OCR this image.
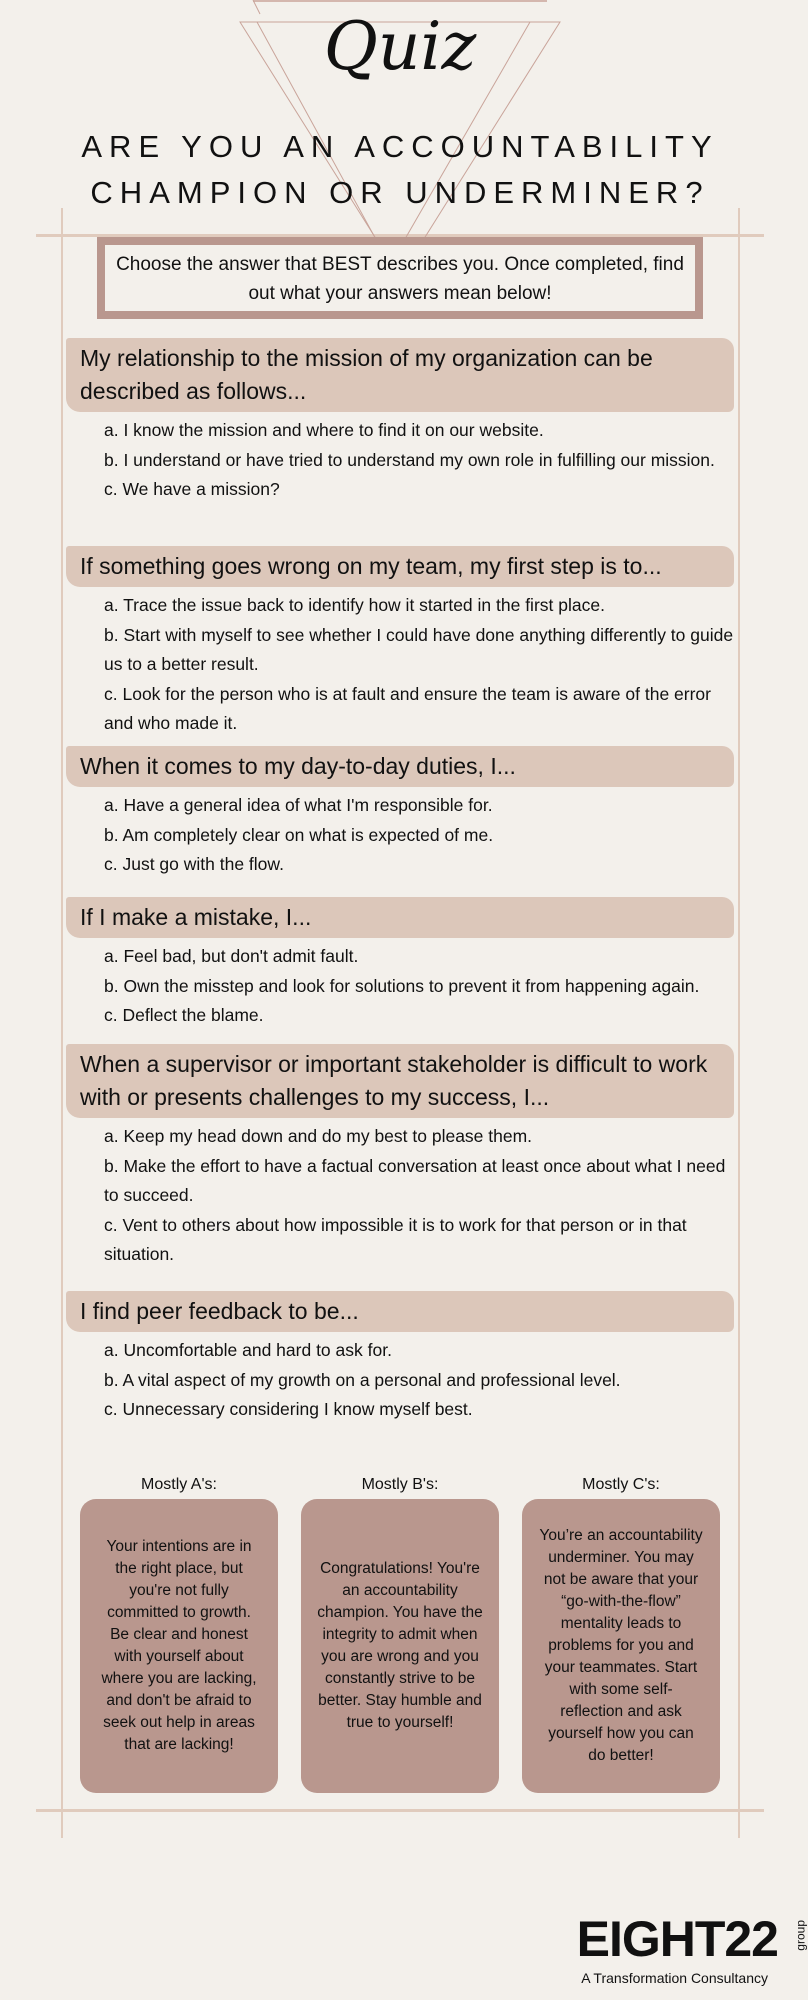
Quiz
ARE YOU AN ACCOUNTABILITY
CHAMPION OR UNDERMINER?
Choose the answer that BEST describes you. Once completed, find out what your answers mean below!
My relationship to the mission of my organization can be described as follows...
a. I know the mission and where to find it on our website.
b. I understand or have tried to understand my own role in fulfilling our mission.
c. We have a mission?
If something goes wrong on my team, my first step is to...
a. Trace the issue back to identify how it started in the first place.
b. Start with myself to see whether I could have done anything differently to guide us to a better result.
c. Look for the person who is at fault and ensure the team is aware of the error and who made it.
When it comes to my day-to-day duties, I...
a. Have a general idea of what I'm responsible for.
b. Am completely clear on what is expected of me.
c. Just go with the flow.
If I make a mistake, I...
a. Feel bad, but don't admit fault.
b. Own the misstep and look for solutions to prevent it from happening again.
c. Deflect the blame.
When a supervisor or important stakeholder is difficult to work with or presents challenges to my success, I...
a. Keep my head down and do my best to please them.
b. Make the effort to have a factual conversation at least once about what I need to succeed.
c. Vent to others about how impossible it is to work for that person or in that situation.
I find peer feedback to be...
a. Uncomfortable and hard to ask for.
b. A vital aspect of my growth on a personal and professional level.
c. Unnecessary considering I know myself best.
Mostly A's:	Mostly B's:	Mostly C's:
Your intentions are in the right place, but you're not fully committed to growth. Be clear and honest with yourself about where you are lacking, and don't be afraid to seek out help in areas that are lacking!
Congratulations! You're an accountability champion. You have the integrity to admit when you are wrong and you constantly strive to be better. Stay humble and true to yourself!
You’re an accountability underminer. You may not be aware that your “go-with-the-flow” mentality leads to problems for you and your teammates. Start with some self-reflection and ask yourself how you can do better!
EIGHT22 group
A Transformation Consultancy
